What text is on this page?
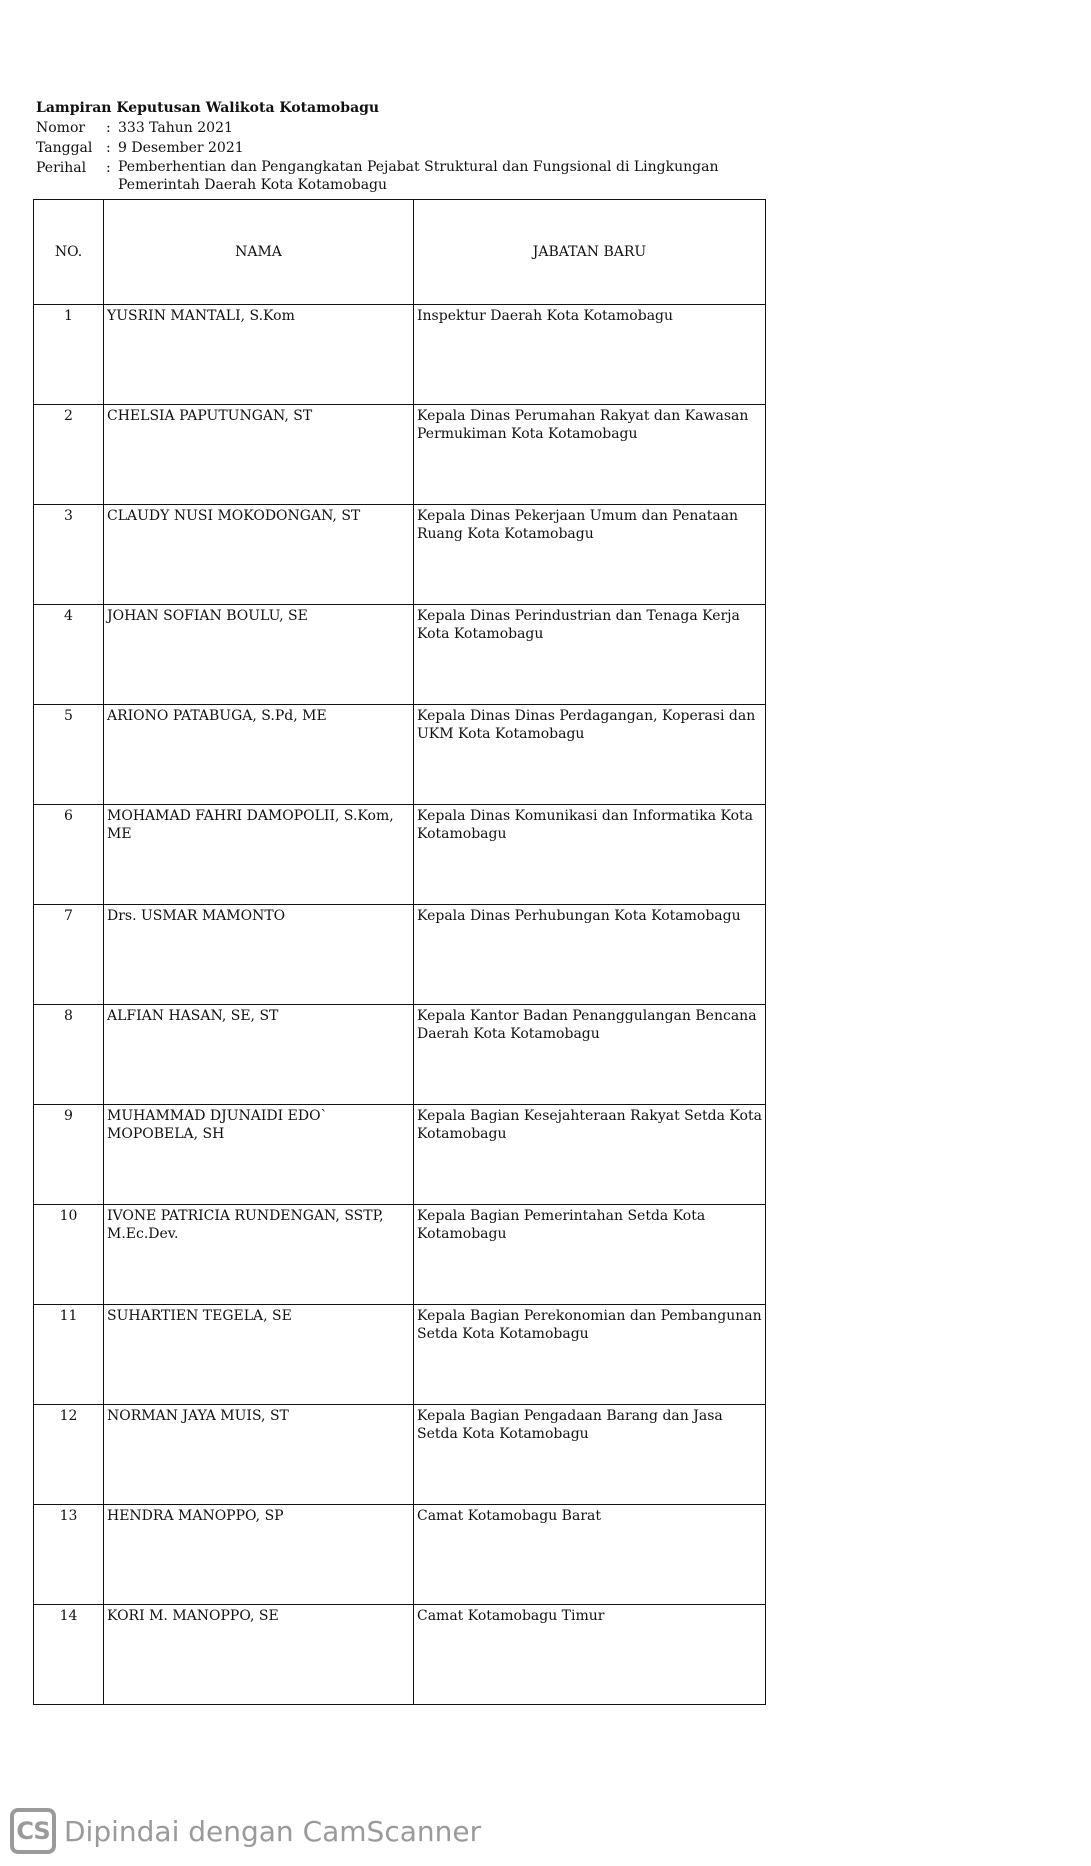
Lampiran Keputusan Walikota Kotamobagu
Nomor	: 333 Tahun 2021
Tanggal : 9 Desember 2021
Perihal	: Pemberhentian dan Pengangkatan Pejabat Struktural dan Fungsional di Lingkungan Pemerintah Daerah Kota Kotamobagu
NO.	NAMA	JABATAN BARU
1	YUSRIN MANTALI, S.Kom	Inspektur Daerah Kota Kotamobagu
2	CHELSIA PAPUTUNGAN, ST	Kepala Dinas Perumahan Rakyat dan Kawasan Permukiman Kota Kotamobagu
3	CLAUDY NUSI MOKODONGAN, ST	Kepala Dinas Pekerjaan Umum dan Penataan Ruang Kota Kotamobagu
4	JOHAN SOFIAN BOULU, SE	Kepala Dinas Perindustrian dan Tenaga Kerja Kota Kotamobagu
5	ARIONO PATABUGA, S.Pd, ME	Kepala Dinas Dinas Perdagangan, Koperasi dan UKM Kota Kotamobagu
6	MOHAMAD FAHRI DAMOPOLII, S.Kom, ME	Kepala Dinas Komunikasi dan Informatika Kota Kotamobagu
7	Drs. USMAR MAMONTO	Kepala Dinas Perhubungan Kota Kotamobagu
8	ALFIAN HASAN, SE, ST	Kepala Kantor Badan Penanggulangan Bencana Daerah Kota Kotamobagu
9	MUHAMMAD DJUNAIDI EDO` MOPOBELA, SH	Kepala Bagian Kesejahteraan Rakyat Setda Kota Kotamobagu
10	IVONE PATRICIA RUNDENGAN, SSTP, M.Ec.Dev.	Kepala Bagian Pemerintahan Setda Kota Kotamobagu
11	SUHARTIEN TEGELA, SE	Kepala Bagian Perekonomian dan Pembangunan Setda Kota Kotamobagu
12	NORMAN JAYA MUIS, ST	Kepala Bagian Pengadaan Barang dan Jasa Setda Kota Kotamobagu
13	HENDRA MANOPPO, SP	Camat Kotamobagu Barat
14	KORI M. MANOPPO, SE	Camat Kotamobagu Timur
CS Dipindai dengan CamScanner
